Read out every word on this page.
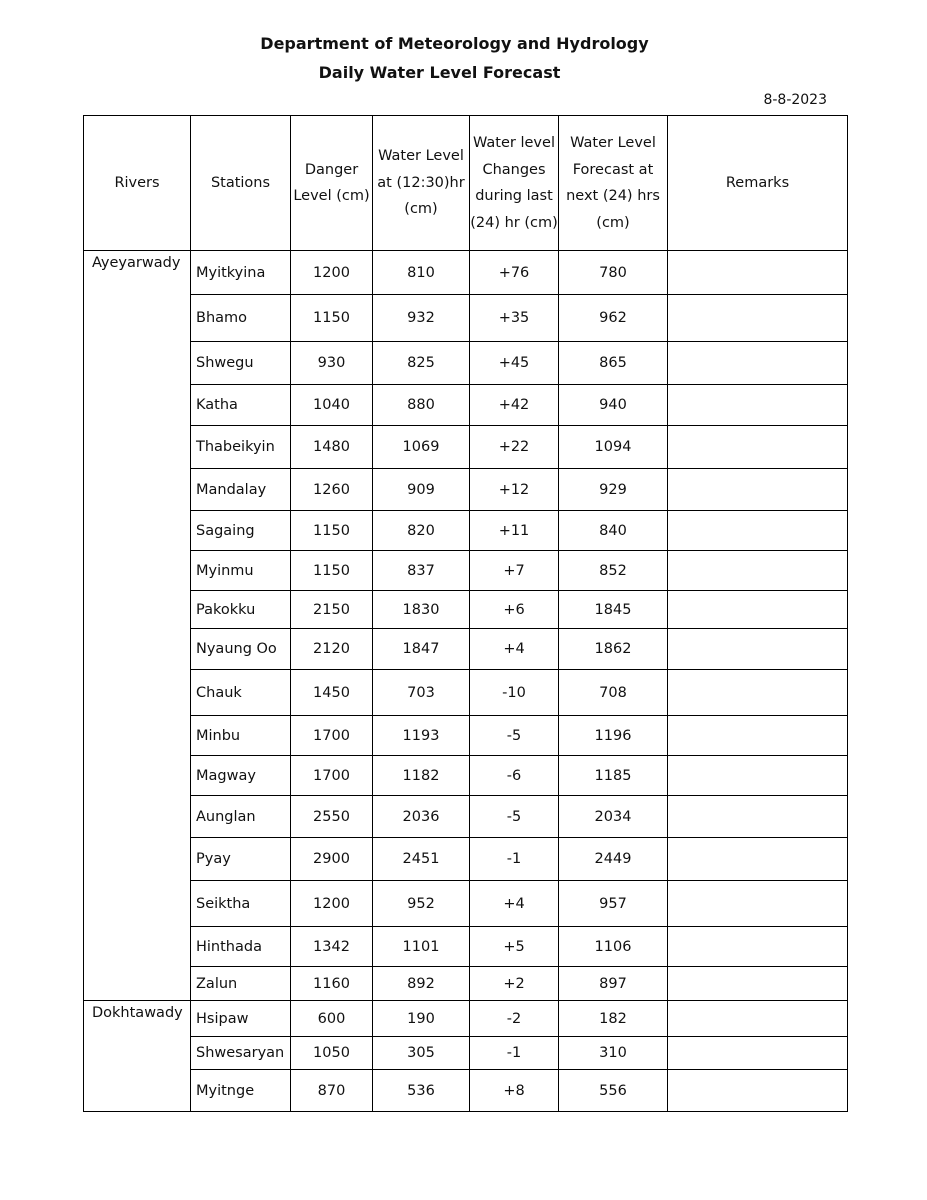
Department of Meteorology and Hydrology
Daily Water Level Forecast
8-8-2023
Rivers	Stations	Danger Level (cm)	Water Level at (12:30)hr (cm)	Water level Changes during last (24) hr (cm)	Water Level Forecast at next (24) hrs (cm)	Remarks
Ayeyarwady	Myitkyina	1200	810	+76	780	
	Bhamo	1150	932	+35	962	
	Shwegu	930	825	+45	865	
	Katha	1040	880	+42	940	
	Thabeikyin	1480	1069	+22	1094	
	Mandalay	1260	909	+12	929	
	Sagaing	1150	820	+11	840	
	Myinmu	1150	837	+7	852	
	Pakokku	2150	1830	+6	1845	
	Nyaung Oo	2120	1847	+4	1862	
	Chauk	1450	703	-10	708	
	Minbu	1700	1193	-5	1196	
	Magway	1700	1182	-6	1185	
	Aunglan	2550	2036	-5	2034	
	Pyay	2900	2451	-1	2449	
	Seiktha	1200	952	+4	957	
	Hinthada	1342	1101	+5	1106	
	Zalun	1160	892	+2	897	
Dokhtawady	Hsipaw	600	190	-2	182	
	Shwesaryan	1050	305	-1	310	
	Myitnge	870	536	+8	556	
